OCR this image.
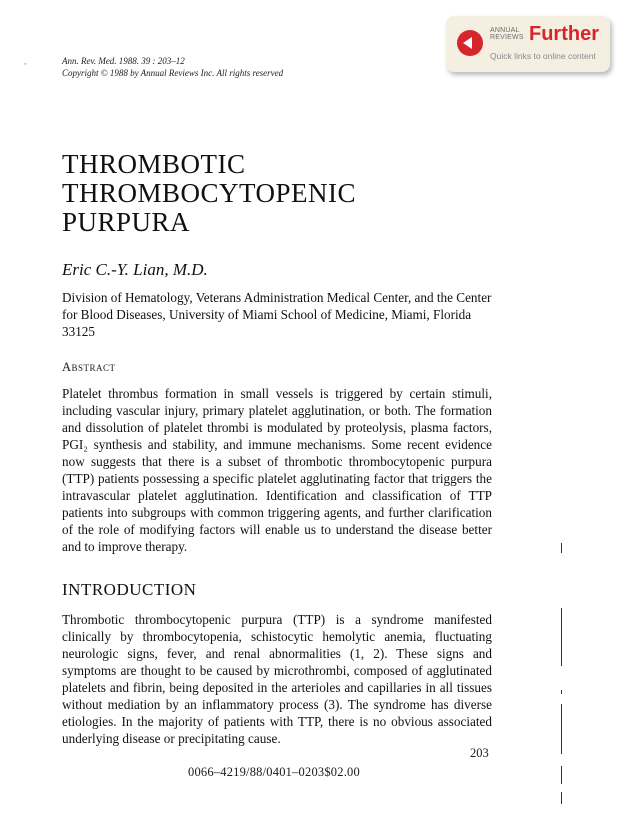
◦	Ann. Rev. Med. 1988. 39 : 203–12
Copyright © 1988 by Annual Reviews Inc. All rights reserved
ANNUAL
REVIEWS Further
Quick links to online content
THROMBOTIC
THROMBOCYTOPENIC
PURPURA
Eric C.-Y. Lian, M.D.
Division of Hematology, Veterans Administration Medical Center, and the Center for Blood Diseases, University of Miami School of Medicine, Miami, Florida 33125
Abstract
Platelet thrombus formation in small vessels is triggered by certain stimuli, including vascular injury, primary platelet agglutination, or both. The formation and dissolution of platelet thrombi is modulated by proteolysis, plasma factors, PGI₂ synthesis and stability, and immune mechanisms. Some recent evidence now suggests that there is a subset of thrombotic thrombocytopenic purpura (TTP) patients possessing a specific platelet agglutinating factor that triggers the intravascular platelet agglutination. Identification and classification of TTP patients into subgroups with common triggering agents, and further clarification of the role of modifying factors will enable us to understand the disease better and to improve therapy.
INTRODUCTION
Thrombotic thrombocytopenic purpura (TTP) is a syndrome manifested clinically by thrombocytopenia, schistocytic hemolytic anemia, fluctuating neurologic signs, fever, and renal abnormalities (1, 2). These signs and symptoms are thought to be caused by microthrombi, composed of agglutinated platelets and fibrin, being deposited in the arterioles and capillaries in all tissues without mediation by an inflammatory process (3). The syndrome has diverse etiologies. In the majority of patients with TTP, there is no obvious associated underlying disease or precipitating cause.
203
0066–4219/88/0401–0203$02.00
